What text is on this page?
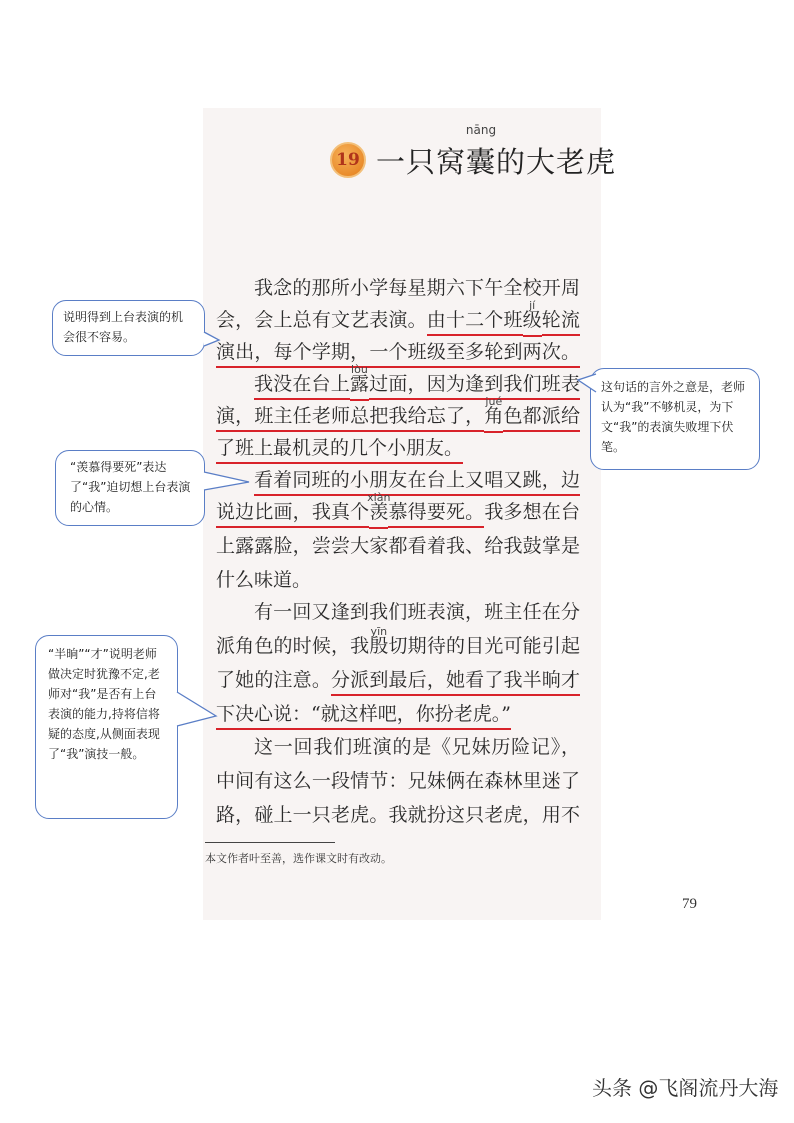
19 一只窝
nāng
囊的大老虎
我念的那所小学每星期六下午全校开周
会，会上总有文艺表演。由十二个班
jí
级轮流
演出，每个学期，一个班级至多轮到两次。
我没在台上
lòu
露过面，因为逢到我们班表
演，班主任老师总把我给忘了，
jué
角色都派给
了班上最机灵的几个小朋友。
看着同班的小朋友在台上又唱又跳，边
说边比画，我真个
xiàn
羡慕得要死。我多想在台
上露露脸，尝尝大家都看着我、给我鼓掌是
什么味道。
有一回又逢到我们班表演，班主任在分
派角色的时候，我
yīn
殷切期待的目光可能引起
了她的注意。分派到最后，她看了我半晌才
下决心说：“就这样吧，你扮老虎。”
这一回我们班演的是《兄妹历险记》，
中间有这么一段情节：兄妹俩在森林里迷了
路，碰上一只老虎。我就扮这只老虎，用不
说明得到上台表演的机会很不容易。
这句话的言外之意是，老师认为“我”不够机灵，为下文“我”的表演失败埋下伏笔。
“羡慕得要死”表达了“我”迫切想上台表演的心情。
“半晌”“才”说明老师做决定时犹豫不定,老师对“我”是否有上台表演的能力,持将信将疑的态度,从侧面表现了“我”演技一般。
本文作者叶至善，选作课文时有改动。
79
头条 @飞阁流丹大海
